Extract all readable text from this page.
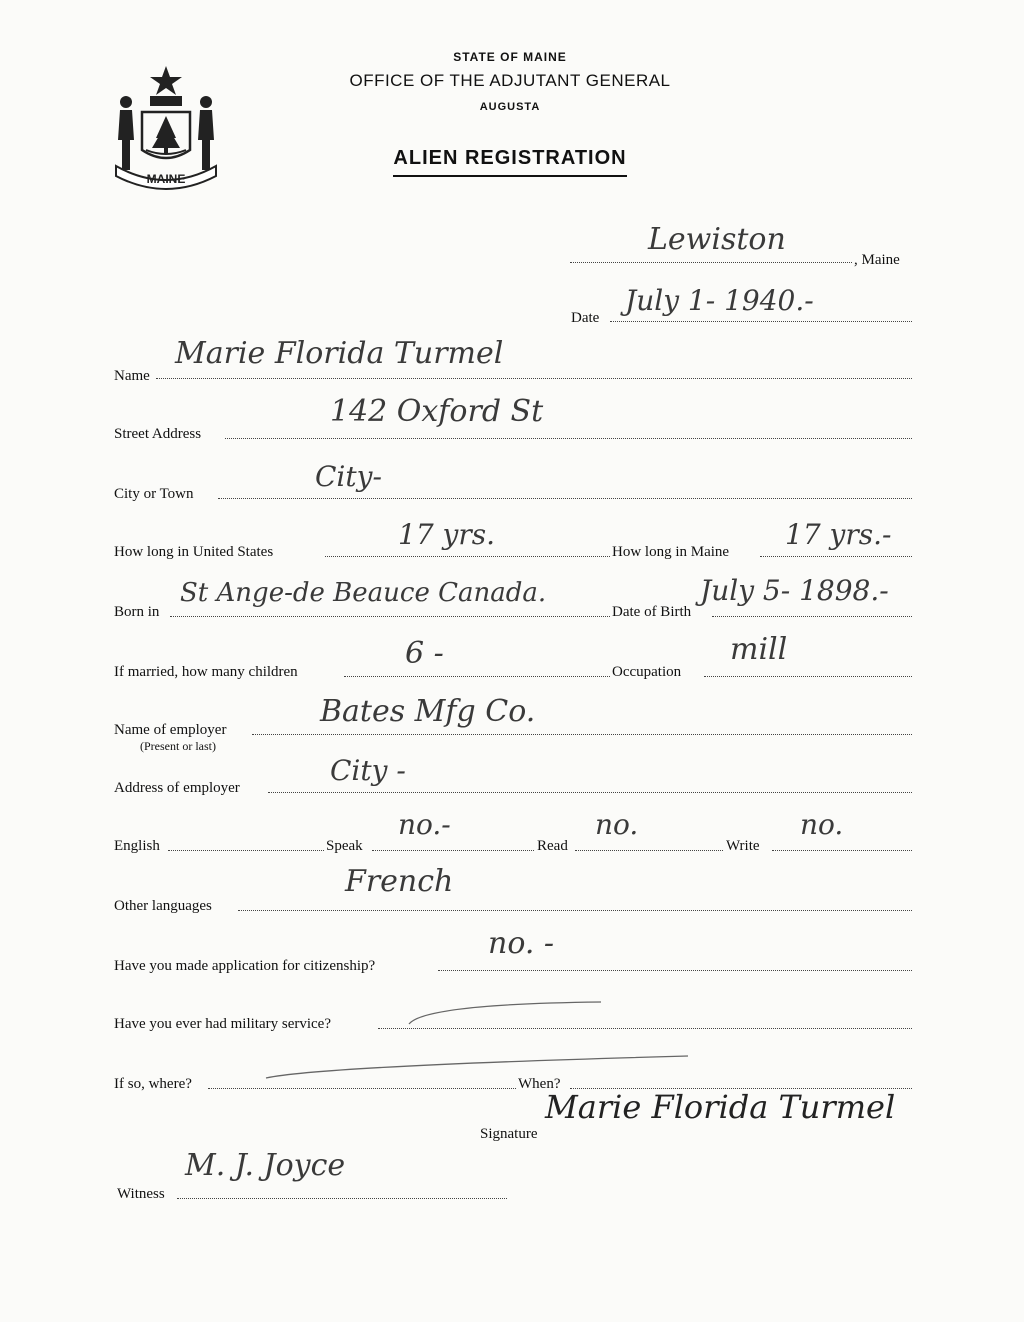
MAINE
STATE OF MAINE
OFFICE OF THE ADJUTANT GENERAL
AUGUSTA
ALIEN REGISTRATION
Lewiston
, Maine
Date
July 1- 1940.-
Name
Marie Florida Turmel
Street Address
142 Oxford St
City or Town
City-
How long in United States
17 yrs.
How long in Maine
17 yrs.-
Born in
St Ange-de Beauce Canada.
Date of Birth
July 5- 1898.-
If married, how many children
6 -
Occupation
mill
Name of employer
(Present or last)
Bates Mfg Co.
Address of employer
City -
English	Speak
no.-
Read
no.
Write
no.
Other languages
French
Have you made application for citizenship?
no. -
Have you ever had military service?
If so, where?	When?
Signature
Marie Florida Turmel
Witness
M. J. Joyce
